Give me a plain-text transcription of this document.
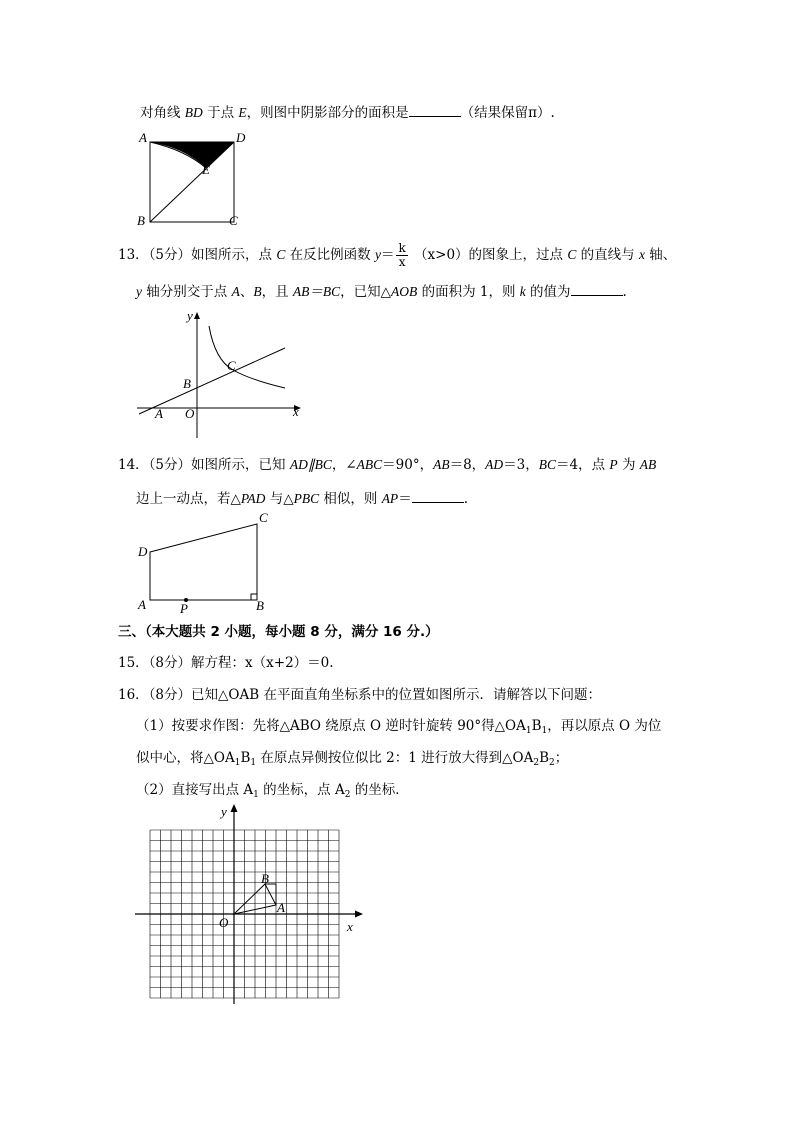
对角线 BD 于点 E，则图中阴影部分的面积是	（结果保留π）.
A	D
E
B	C
13．（5分）如图所示，点 C 在反比例函数 $y= \frac{k}{x} (x>0)$的图象上，过点 C 的直线与 x 轴、
y 轴分别交于点 A、B，且 AB＝BC，已知△AOB 的面积为 1，则 k 的值为	.
y
x
C
B
A O
14．（5分）如图所示，已知 AD∥BC，∠ABC＝90°，AB＝8，AD＝3，BC＝4，点 P 为 AB
边上一动点，若△PAD 与△PBC 相似，则 AP＝	.
C
D
A	P	B
三、（本大题共 2 小题，每小题 8 分，满分 16 分.）
15．（8分）解方程：x（x+2）＝0.
16．（8分）已知△OAB 在平面直角坐标系中的位置如图所示．请解答以下问题：
（1）按要求作图：先将△ABO 绕原点 O 逆时针旋转 90°得$\triangle OA_1B_1$，再以原点 O 为位
似中心，将$\triangle OA_1B_1$ 在原点异侧按位似比 2：1 进行放大得到$\triangle OA_2B_2$；
（2）直接写出点 $A_1$ 的坐标，点 $A_2$ 的坐标．
y
x
O
B
A
